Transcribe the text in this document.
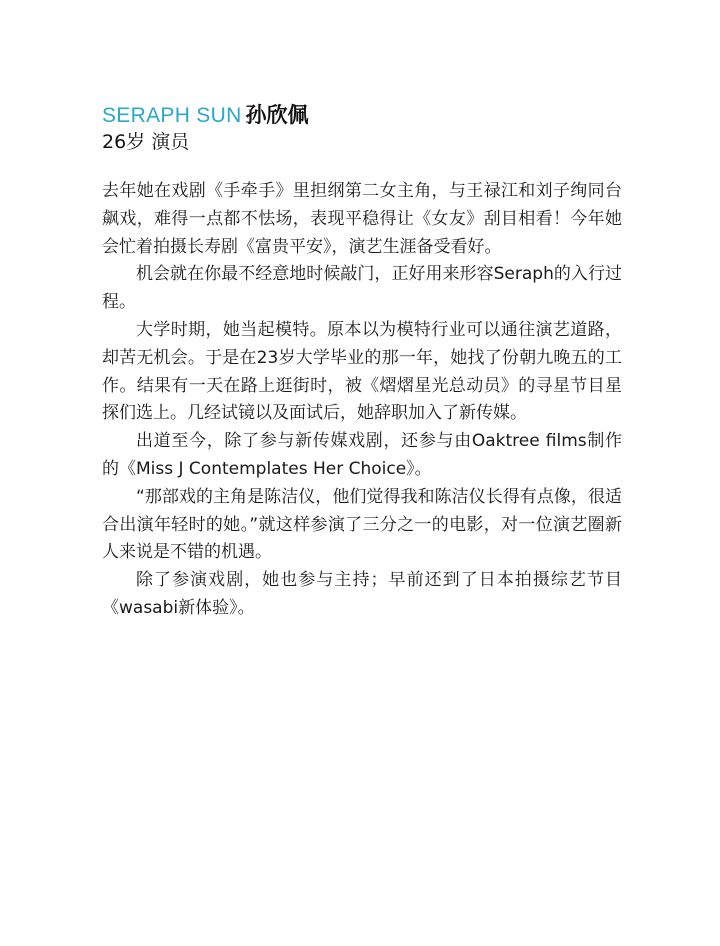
SERAPH SUN 孙欣佩
26岁 演员

去年她在戏剧《手牵手》里担纲第二女主角，与王禄江和刘子绚同台飙戏，难得一点都不怯场，表现平稳得让《女友》刮目相看！今年她会忙着拍摄长寿剧《富贵平安》，演艺生涯备受看好。

机会就在你最不经意地时候敲门，正好用来形容Seraph的入行过程。

大学时期，她当起模特。原本以为模特行业可以通往演艺道路，却苦无机会。于是在23岁大学毕业的那一年，她找了份朝九晚五的工作。结果有一天在路上逛街时，被《熠熠星光总动员》的寻星节目星探们选上。几经试镜以及面试后，她辞职加入了新传媒。

出道至今，除了参与新传媒戏剧，还参与由Oaktree films制作的《Miss J Contemplates Her Choice》。

“那部戏的主角是陈洁仪，他们觉得我和陈洁仪长得有点像，很适合出演年轻时的她。”就这样参演了三分之一的电影，对一位演艺圈新人来说是不错的机遇。

除了参演戏剧，她也参与主持；早前还到了日本拍摄综艺节目《wasabi新体验》。
